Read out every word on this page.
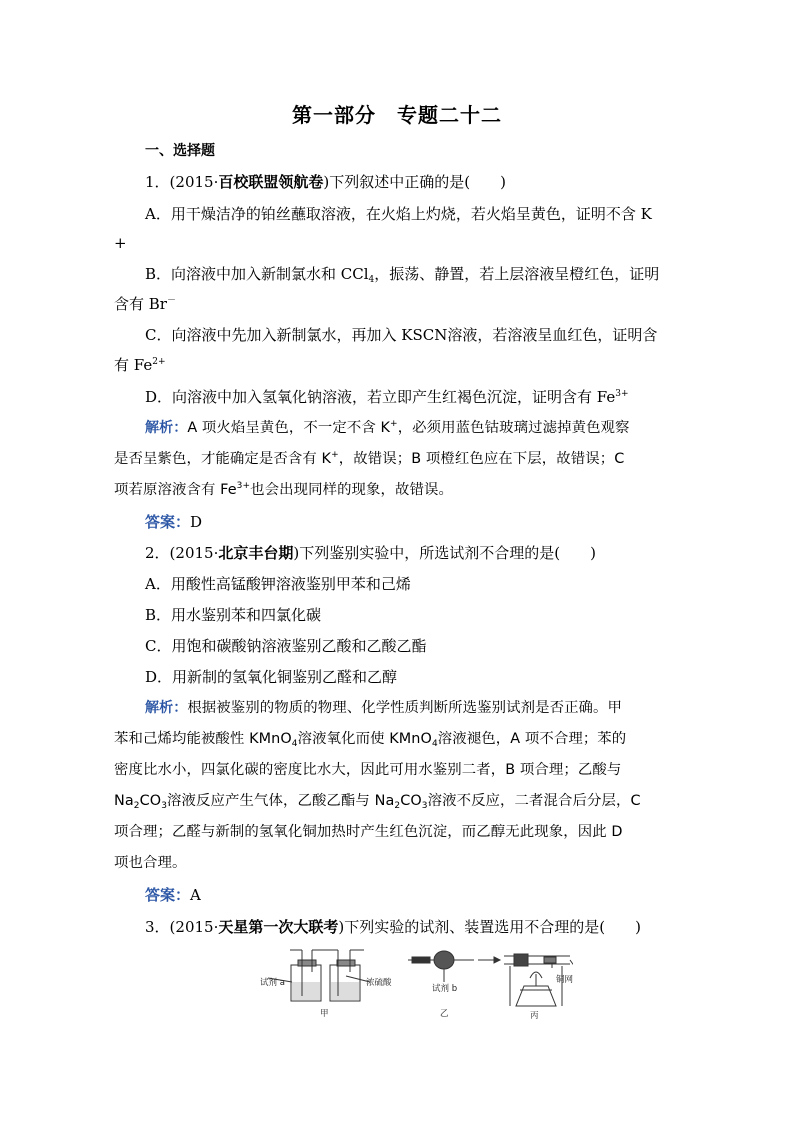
第一部分　专题二十二
一、选择题
1．(2015·百校联盟领航卷)下列叙述中正确的是(　　)
A．用干燥洁净的铂丝蘸取溶液，在火焰上灼烧，若火焰呈黄色，证明不含 K
+
B．向溶液中加入新制氯水和 CCl$_4$，振荡、静置，若上层溶液呈橙红色，证明
含有 Br－
C．向溶液中先加入新制氯水，再加入 KSCN溶液，若溶液呈血红色，证明含
有 $Fe^{2+}$
D．向溶液中加入氢氧化钠溶液，若立即产生红褐色沉淀，证明含有 $Fe^{3+}$
解析：A 项火焰呈黄色，不一定不含 K+，必须用蓝色钴玻璃过滤掉黄色观察
是否呈紫色，才能确定是否含有 K+，故错误；B 项橙红色应在下层，故错误；C
项若原溶液含有 $Fe^{3+}$也会出现同样的现象，故错误。
答案：D
2．(2015·北京丰台期)下列鉴别实验中，所选试剂不合理的是(　　)
A．用酸性高锰酸钾溶液鉴别甲苯和己烯
B．用水鉴别苯和四氯化碳
C．用饱和碳酸钠溶液鉴别乙酸和乙酸乙酯
D．用新制的氢氧化铜鉴别乙醛和乙醇
解析：根据被鉴别的物质的物理、化学性质判断所选鉴别试剂是否正确。甲
苯和己烯均能被酸性 KMnO$_4$溶液氧化而使 KMnO$_4$溶液褪色，A 项不合理；苯的
密度比水小，四氯化碳的密度比水大，因此可用水鉴别二者，B 项合理；乙酸与
$Na_2CO_3$溶液反应产生气体，乙酸乙酯与 $Na_2CO_3$溶液不反应，二者混合后分层，C
项合理；乙醛与新制的氢氧化铜加热时产生红色沉淀，而乙醇无此现象，因此 D
项也合理。
答案：A
3．(2015·天星第一次大联考)下列实验的试剂、装置选用不合理的是(　　)
试剂 a	浓硫酸
试剂 b
铜网
甲	乙	丙
